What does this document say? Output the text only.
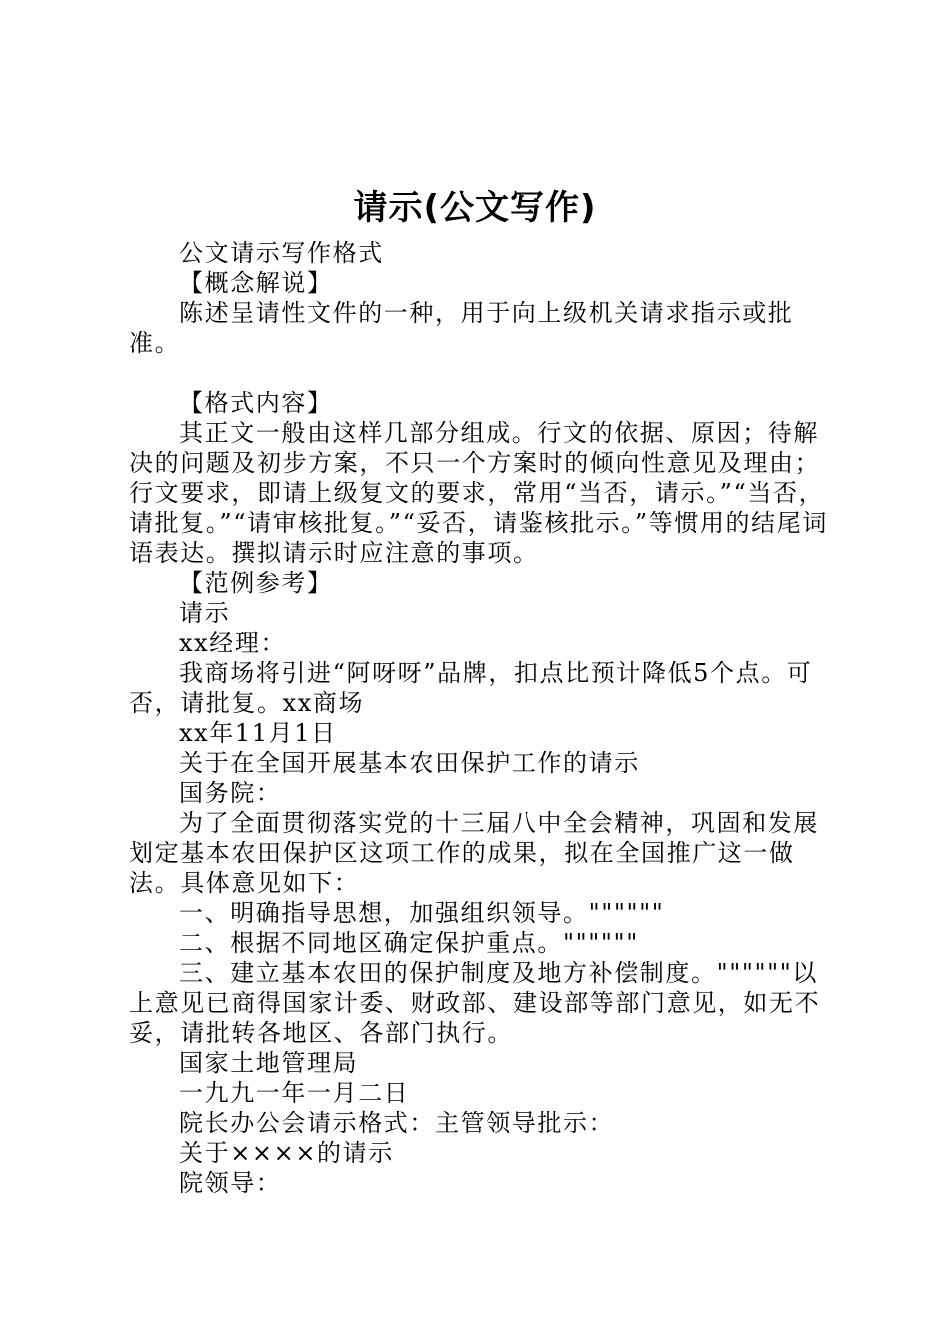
请示(公文写作)

公文请示写作格式

【概念解说】

陈述呈请性文件的一种，用于向上级机关请求指示或批准。

【格式内容】

其正文一般由这样几部分组成。行文的依据、原因；待解决的问题及初步方案，不只一个方案时的倾向性意见及理由；行文要求，即请上级复文的要求，常用“当否，请示。”“当否，请批复。”“请审核批复。”“妥否，请鉴核批示。”等惯用的结尾词语表达。撰拟请示时应注意的事项。

【范例参考】

请示

xx经理：

我商场将引进“阿呀呀”品牌，扣点比预计降低5个点。可否，请批复。xx商场

xx年11月1日

关于在全国开展基本农田保护工作的请示

国务院：

为了全面贯彻落实党的十三届八中全会精神，巩固和发展划定基本农田保护区这项工作的成果，拟在全国推广这一做法。具体意见如下：

一、明确指导思想，加强组织领导。""""""

二、根据不同地区确定保护重点。""""""

三、建立基本农田的保护制度及地方补偿制度。""""""以上意见已商得国家计委、财政部、建设部等部门意见，如无不妥，请批转各地区、各部门执行。

国家土地管理局

一九九一年一月二日

院长办公会请示格式：主管领导批示：

关于××××的请示

院领导：
